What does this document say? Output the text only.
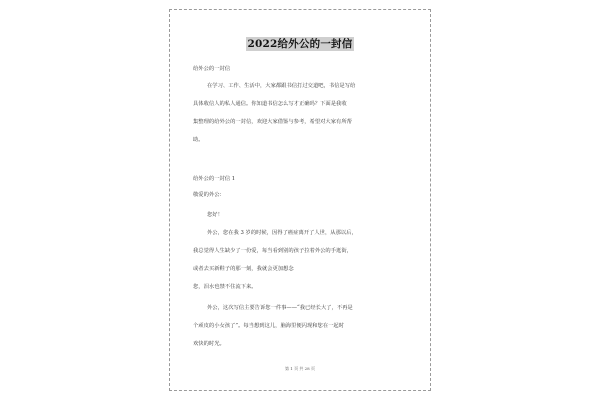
2022给外公的一封信
给外公的一封信
在学习、工作、生活中，大家都跟书信打过交道吧，书信是写给
具体收信人的私人通信。你知道书信怎么写才正确吗？下面是我收
集整理的给外公的一封信，欢迎大家借鉴与参考，希望对大家有所帮
助。
给外公的一封信 1
敬爱的外公：
您好！
外公，您在我 3 岁的时候，因得了癌症离开了人世，从那以后，
我总觉得人生缺少了一份爱，每当看到别的孩子拉着外公的手逛街，
或者去买新鞋子的那一刻，我就会更加想念
您，泪水也禁不住流下来。
外公，这次写信主要告诉您一件事——“我已经长大了，不再是
个顽皮的小女孩了”。每当想到这儿，脑海里便闪现和您在一起时
欢快的时光。
第 1 页 共 28 页
